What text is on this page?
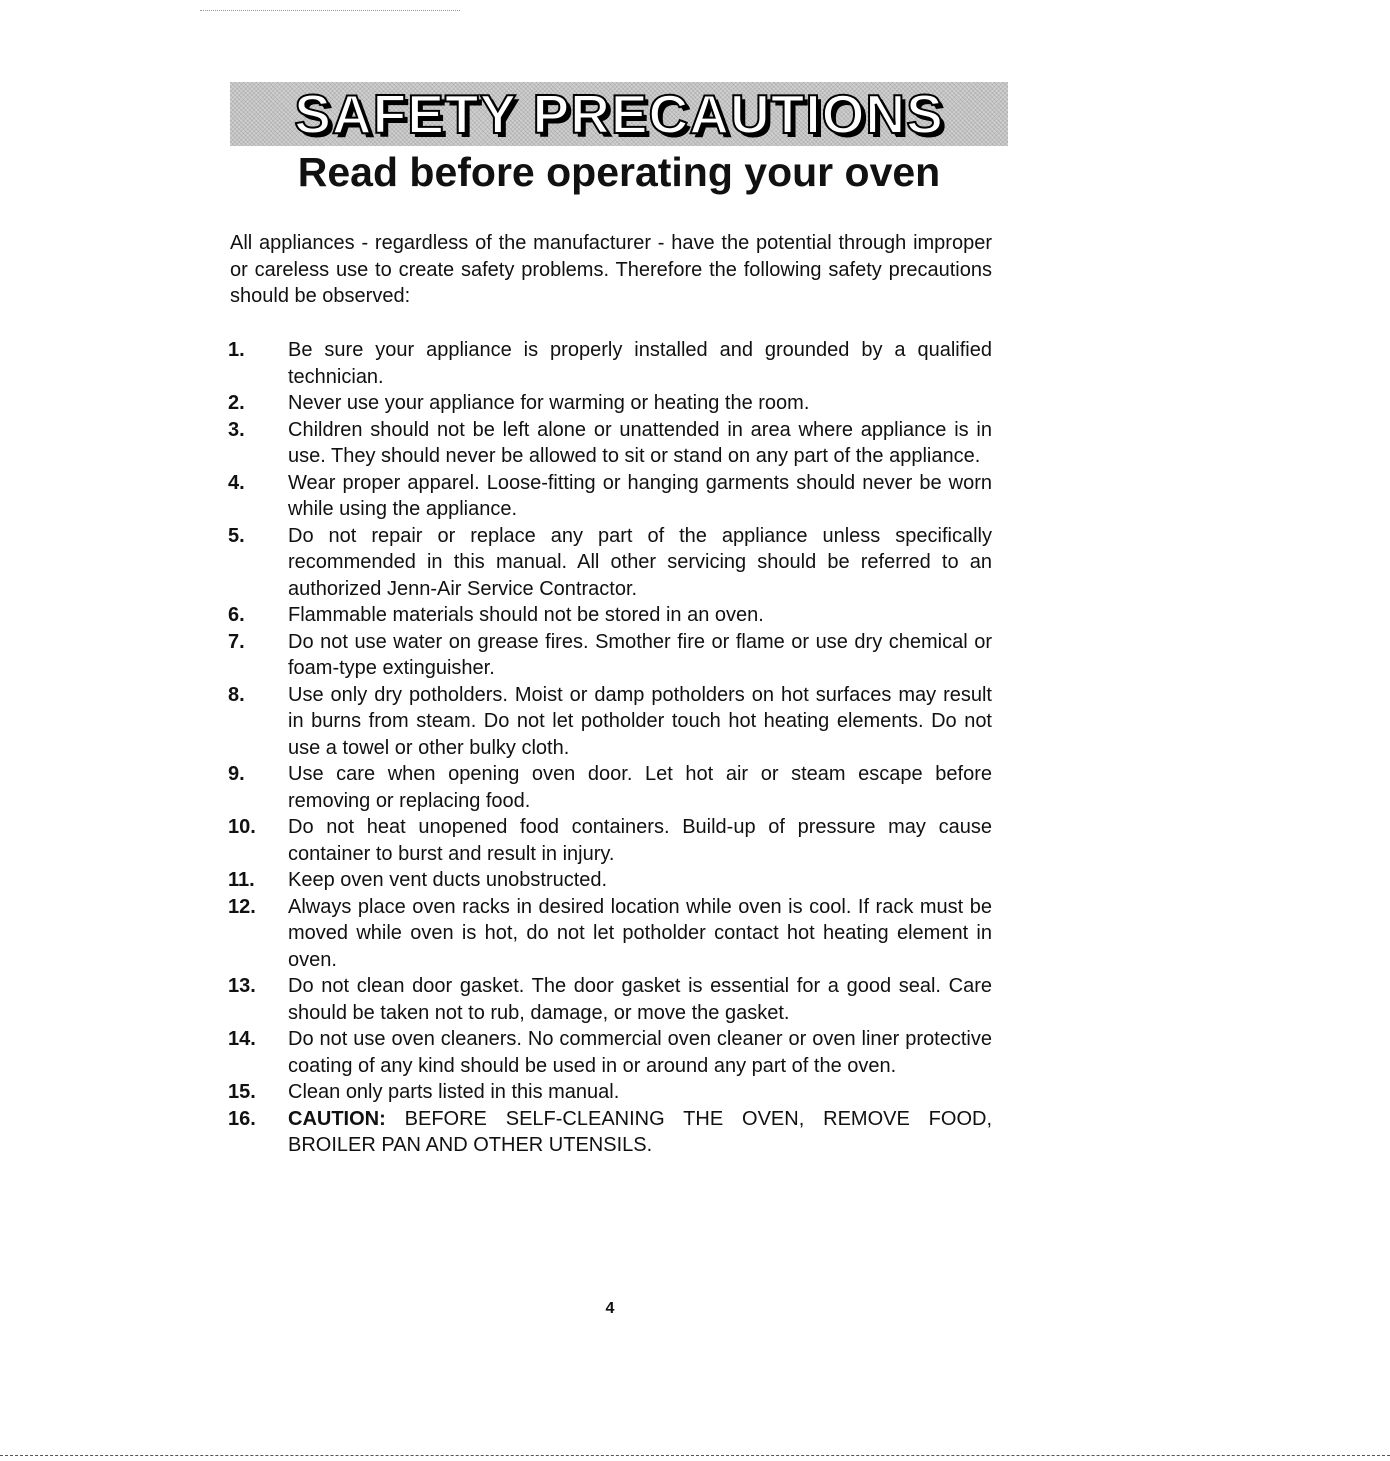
SAFETY PRECAUTIONS
Read before operating your oven

All appliances - regardless of the manufacturer - have the potential through improper or careless use to create safety problems. Therefore the following safety precautions should be observed:

1.	Be sure your appliance is properly installed and grounded by a qualified technician.
2.	Never use your appliance for warming or heating the room.
3.	Children should not be left alone or unattended in area where appliance is in use. They should never be allowed to sit or stand on any part of the appliance.
4.	Wear proper apparel. Loose-fitting or hanging garments should never be worn while using the appliance.
5.	Do not repair or replace any part of the appliance unless specifically recommended in this manual. All other servicing should be referred to an authorized Jenn-Air Service Contractor.
6.	Flammable materials should not be stored in an oven.
7.	Do not use water on grease fires. Smother fire or flame or use dry chemical or foam-type extinguisher.
8.	Use only dry potholders. Moist or damp potholders on hot surfaces may result in burns from steam. Do not let potholder touch hot heating elements. Do not use a towel or other bulky cloth.
9.	Use care when opening oven door. Let hot air or steam escape before removing or replacing food.
10.	Do not heat unopened food containers. Build-up of pressure may cause container to burst and result in injury.
11.	Keep oven vent ducts unobstructed.
12.	Always place oven racks in desired location while oven is cool. If rack must be moved while oven is hot, do not let potholder contact hot heating element in oven.
13.	Do not clean door gasket. The door gasket is essential for a good seal. Care should be taken not to rub, damage, or move the gasket.
14.	Do not use oven cleaners. No commercial oven cleaner or oven liner protective coating of any kind should be used in or around any part of the oven.
15.	Clean only parts listed in this manual.
16.	CAUTION: BEFORE SELF-CLEANING THE OVEN, REMOVE FOOD, BROILER PAN AND OTHER UTENSILS.
4
